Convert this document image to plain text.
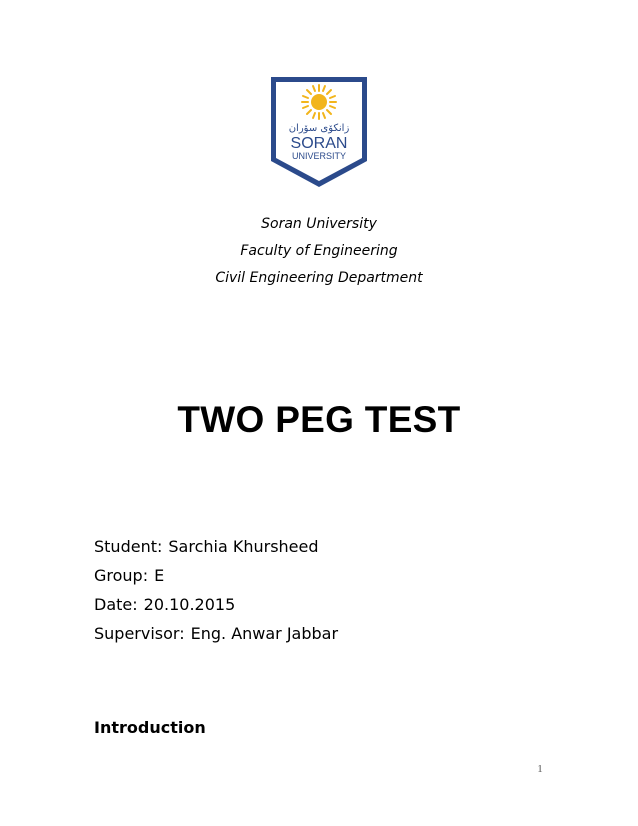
زانكۆی سۆران
SORAN
UNIVERSITY
Soran University
Faculty of Engineering
Civil Engineering Department
TWO PEG TEST
Student: Sarchia Khursheed
Group: E
Date: 20.10.2015
Supervisor: Eng. Anwar Jabbar
Introduction
1
